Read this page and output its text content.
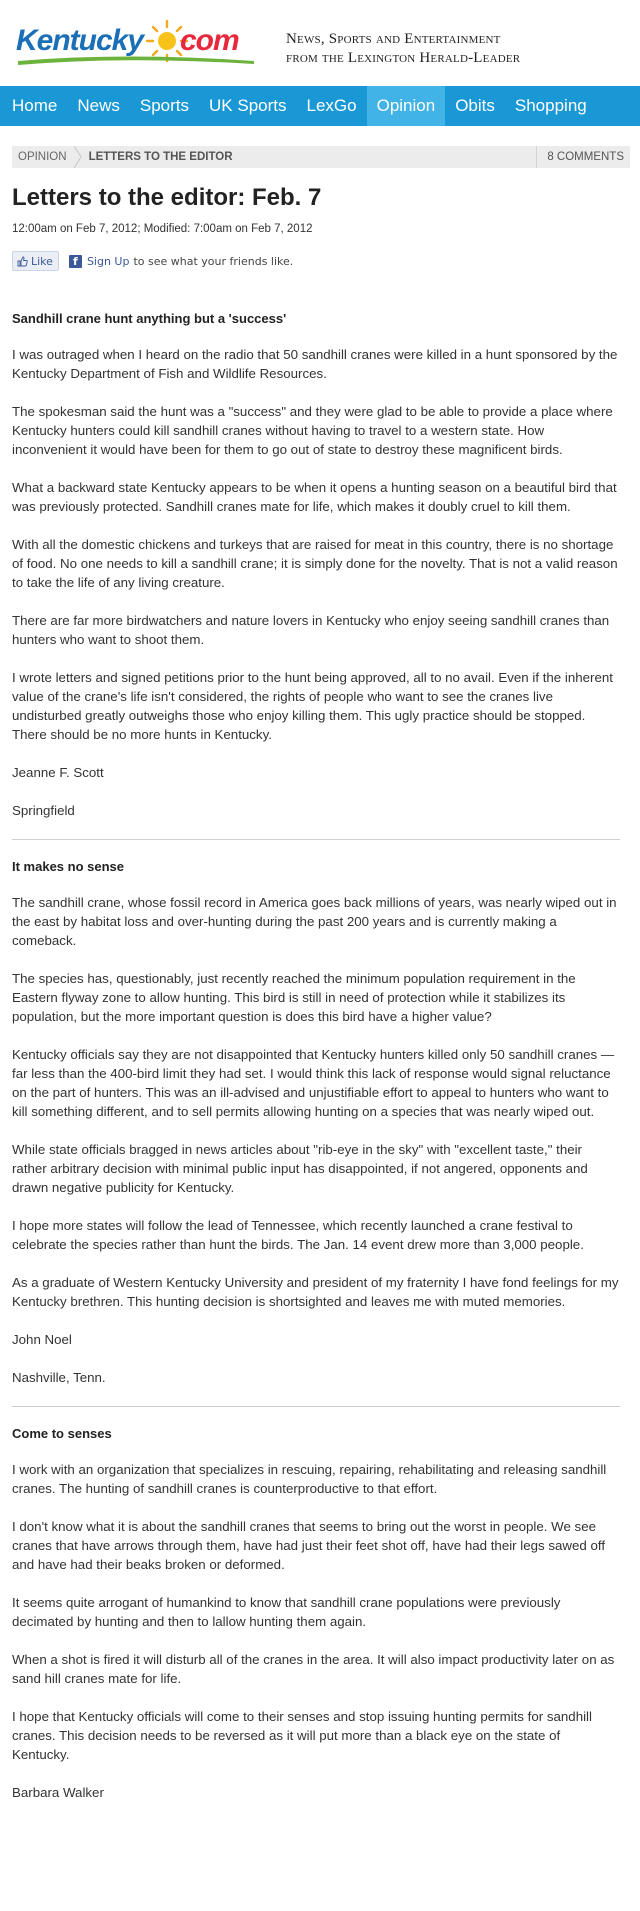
Kentucky com	News, Sports and Entertainment
from the Lexington Herald-Leader
Home	News	Sports	UK Sports	LexGo	Opinion	Obits	Shopping
OPINION	LETTERS TO THE EDITOR	8 COMMENTS
Letters to the editor: Feb. 7
12:00am on Feb 7, 2012; Modified: 7:00am on Feb 7, 2012
Like	f Sign Up to see what your friends like.
Sandhill crane hunt anything but a 'success'

I was outraged when I heard on the radio that 50 sandhill cranes were killed in a hunt sponsored by the Kentucky Department of Fish and Wildlife Resources.

The spokesman said the hunt was a "success" and they were glad to be able to provide a place where Kentucky hunters could kill sandhill cranes without having to travel to a western state. How inconvenient it would have been for them to go out of state to destroy these magnificent birds.

What a backward state Kentucky appears to be when it opens a hunting season on a beautiful bird that was previously protected. Sandhill cranes mate for life, which makes it doubly cruel to kill them.

With all the domestic chickens and turkeys that are raised for meat in this country, there is no shortage of food. No one needs to kill a sandhill crane; it is simply done for the novelty. That is not a valid reason to take the life of any living creature.

There are far more birdwatchers and nature lovers in Kentucky who enjoy seeing sandhill cranes than hunters who want to shoot them.

I wrote letters and signed petitions prior to the hunt being approved, all to no avail. Even if the inherent value of the crane's life isn't considered, the rights of people who want to see the cranes live undisturbed greatly outweighs those who enjoy killing them. This ugly practice should be stopped. There should be no more hunts in Kentucky.

Jeanne F. Scott

Springfield

It makes no sense

The sandhill crane, whose fossil record in America goes back millions of years, was nearly wiped out in the east by habitat loss and over-hunting during the past 200 years and is currently making a comeback.

The species has, questionably, just recently reached the minimum population requirement in the Eastern flyway zone to allow hunting. This bird is still in need of protection while it stabilizes its population, but the more important question is does this bird have a higher value?

Kentucky officials say they are not disappointed that Kentucky hunters killed only 50 sandhill cranes — far less than the 400-bird limit they had set. I would think this lack of response would signal reluctance on the part of hunters. This was an ill-advised and unjustifiable effort to appeal to hunters who want to kill something different, and to sell permits allowing hunting on a species that was nearly wiped out.

While state officials bragged in news articles about "rib-eye in the sky" with "excellent taste," their rather arbitrary decision with minimal public input has disappointed, if not angered, opponents and drawn negative publicity for Kentucky.

I hope more states will follow the lead of Tennessee, which recently launched a crane festival to celebrate the species rather than hunt the birds. The Jan. 14 event drew more than 3,000 people.

As a graduate of Western Kentucky University and president of my fraternity I have fond feelings for my Kentucky brethren. This hunting decision is shortsighted and leaves me with muted memories.

John Noel

Nashville, Tenn.

Come to senses

I work with an organization that specializes in rescuing, repairing, rehabilitating and releasing sandhill cranes. The hunting of sandhill cranes is counterproductive to that effort.

I don't know what it is about the sandhill cranes that seems to bring out the worst in people. We see cranes that have arrows through them, have had just their feet shot off, have had their legs sawed off and have had their beaks broken or deformed.

It seems quite arrogant of humankind to know that sandhill crane populations were previously decimated by hunting and then to lallow hunting them again.

When a shot is fired it will disturb all of the cranes in the area. It will also impact productivity later on as sand hill cranes mate for life.

I hope that Kentucky officials will come to their senses and stop issuing hunting permits for sandhill cranes. This decision needs to be reversed as it will put more than a black eye on the state of Kentucky.

Barbara Walker
